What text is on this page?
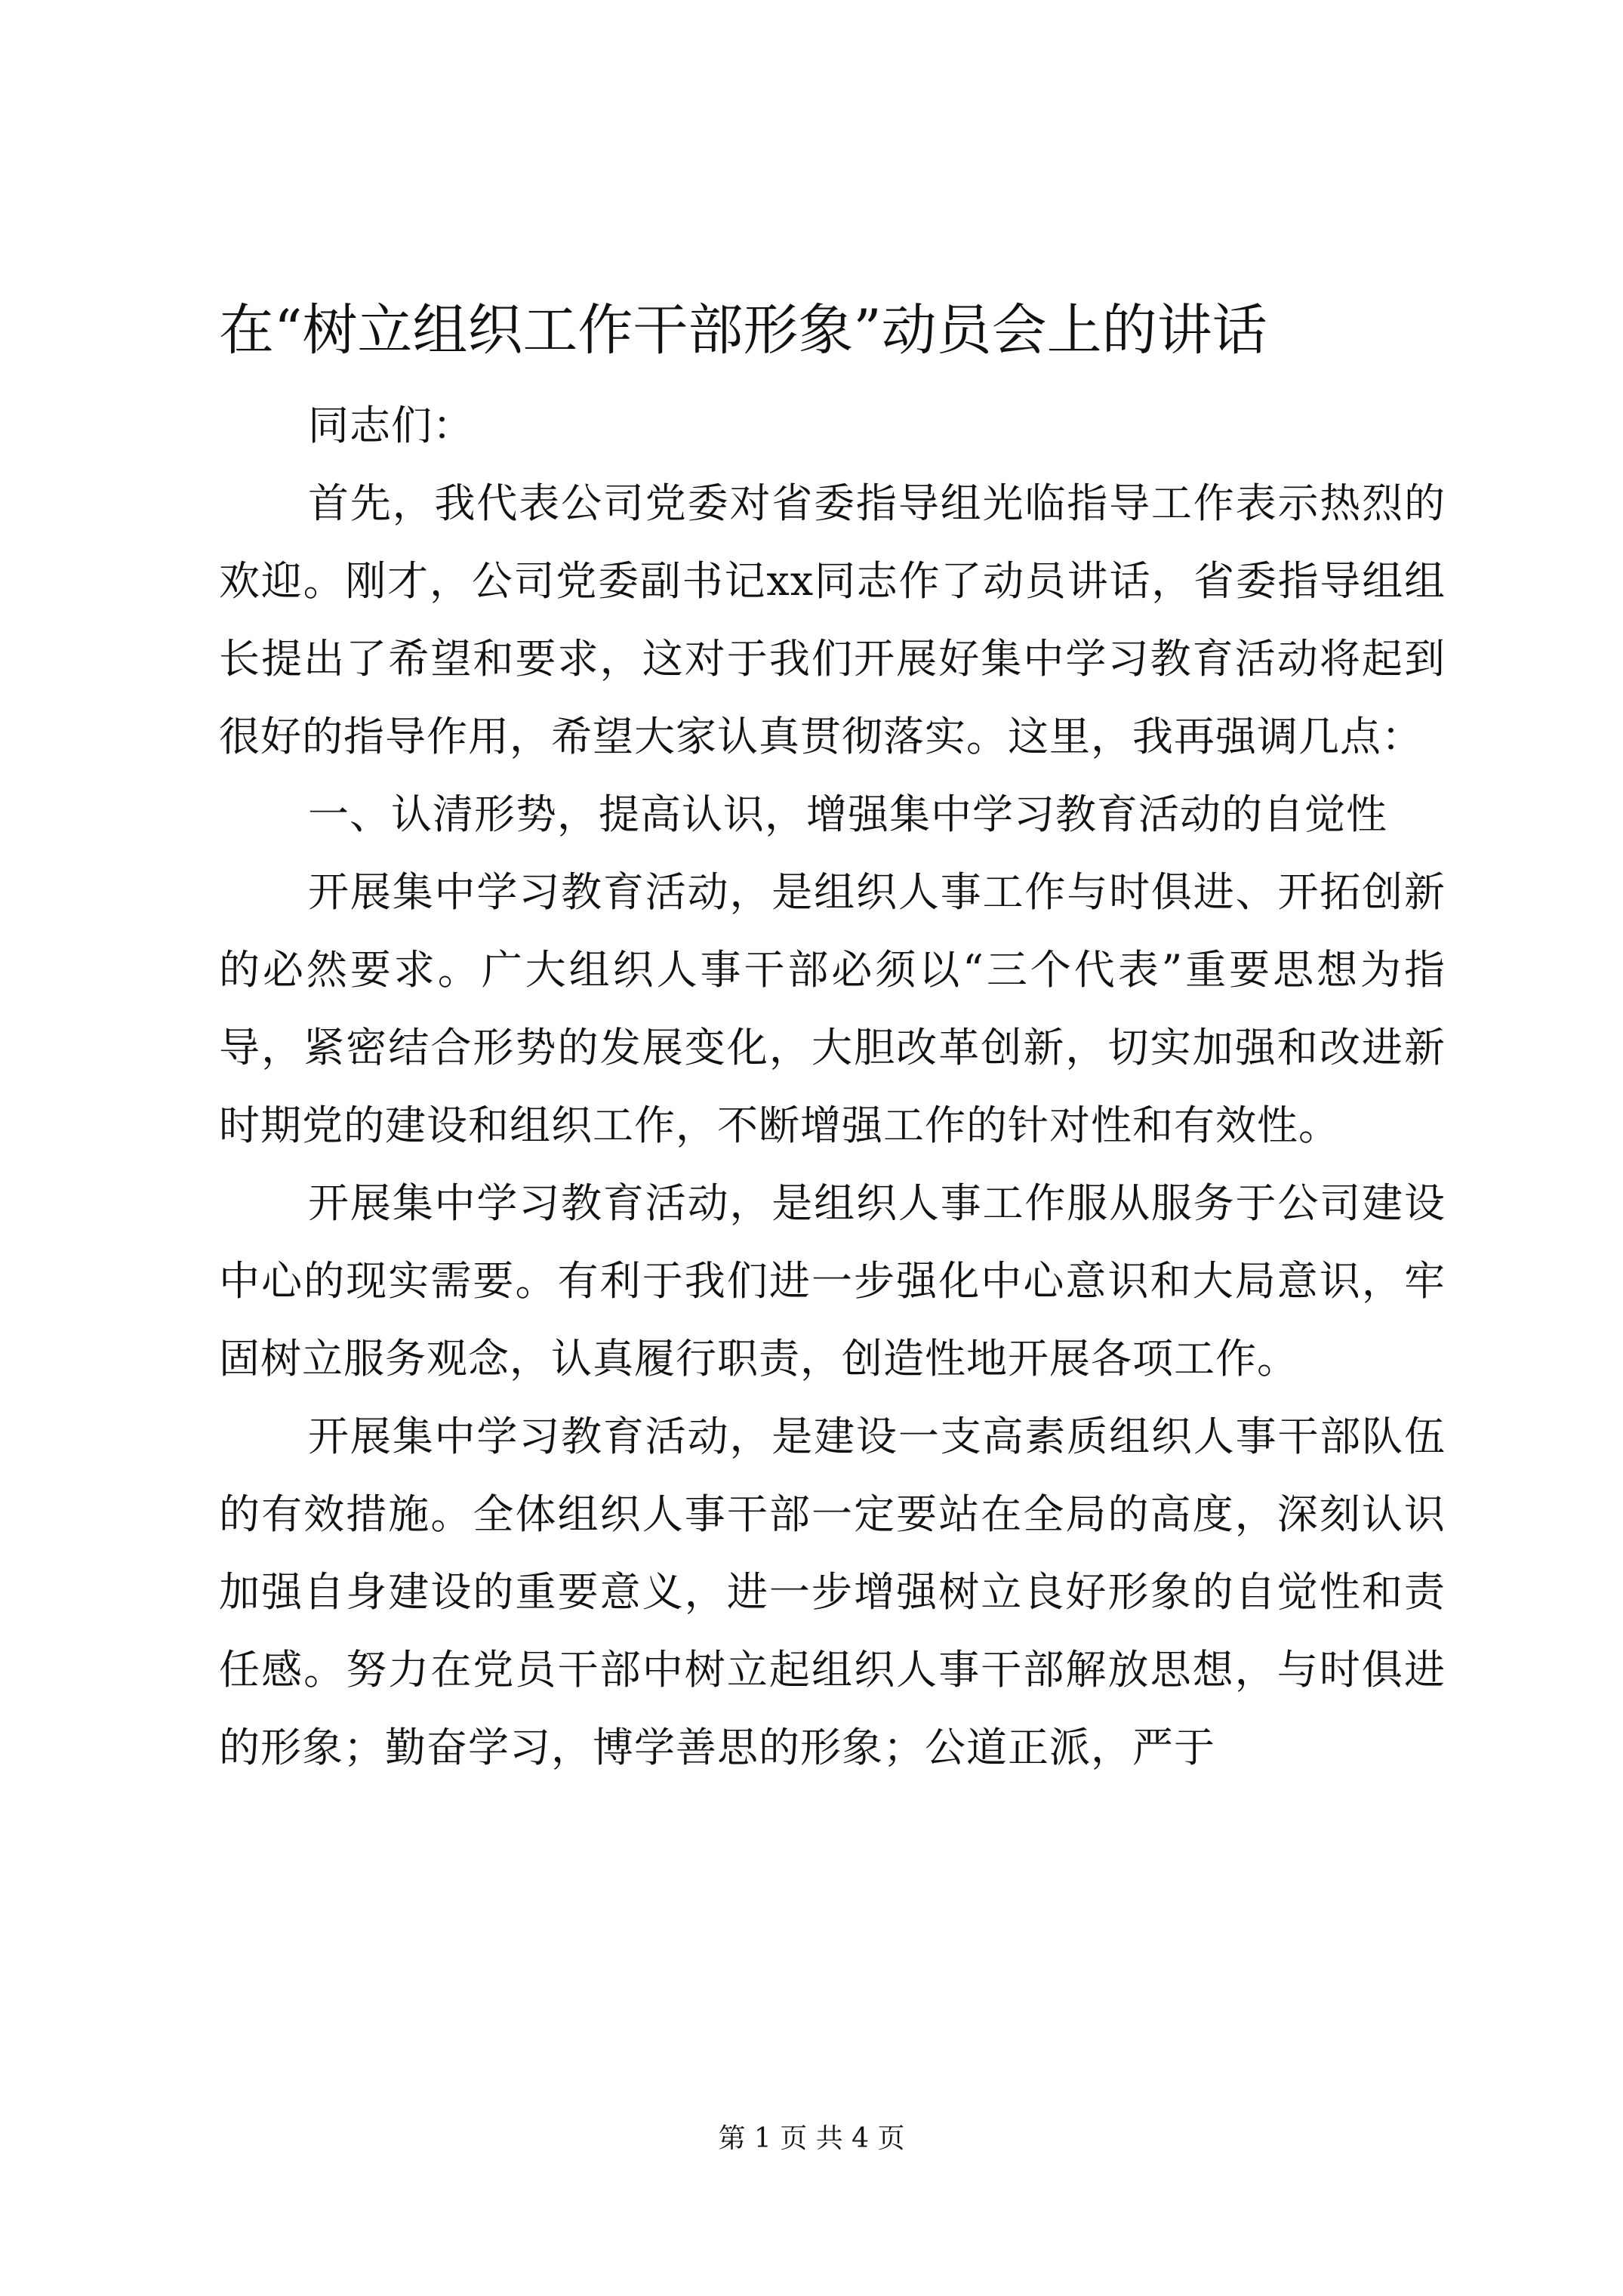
在“树立组织工作干部形象”动员会上的讲话

同志们：

首先，我代表公司党委对省委指导组光临指导工作表示热烈的欢迎。刚才，公司党委副书记xx同志作了动员讲话，省委指导组组长提出了希望和要求，这对于我们开展好集中学习教育活动将起到很好的指导作用，希望大家认真贯彻落实。这里，我再强调几点：

一、认清形势，提高认识，增强集中学习教育活动的自觉性

开展集中学习教育活动，是组织人事工作与时俱进、开拓创新的必然要求。广大组织人事干部必须以“三个代表”重要思想为指导，紧密结合形势的发展变化，大胆改革创新，切实加强和改进新时期党的建设和组织工作，不断增强工作的针对性和有效性。

开展集中学习教育活动，是组织人事工作服从服务于公司建设中心的现实需要。有利于我们进一步强化中心意识和大局意识，牢固树立服务观念，认真履行职责，创造性地开展各项工作。

开展集中学习教育活动，是建设一支高素质组织人事干部队伍的有效措施。全体组织人事干部一定要站在全局的高度，深刻认识加强自身建设的重要意义，进一步增强树立良好形象的自觉性和责任感。努力在党员干部中树立起组织人事干部解放思想，与时俱进的形象；勤奋学习，博学善思的形象；公道正派，严于

第 1 页 共 4 页
